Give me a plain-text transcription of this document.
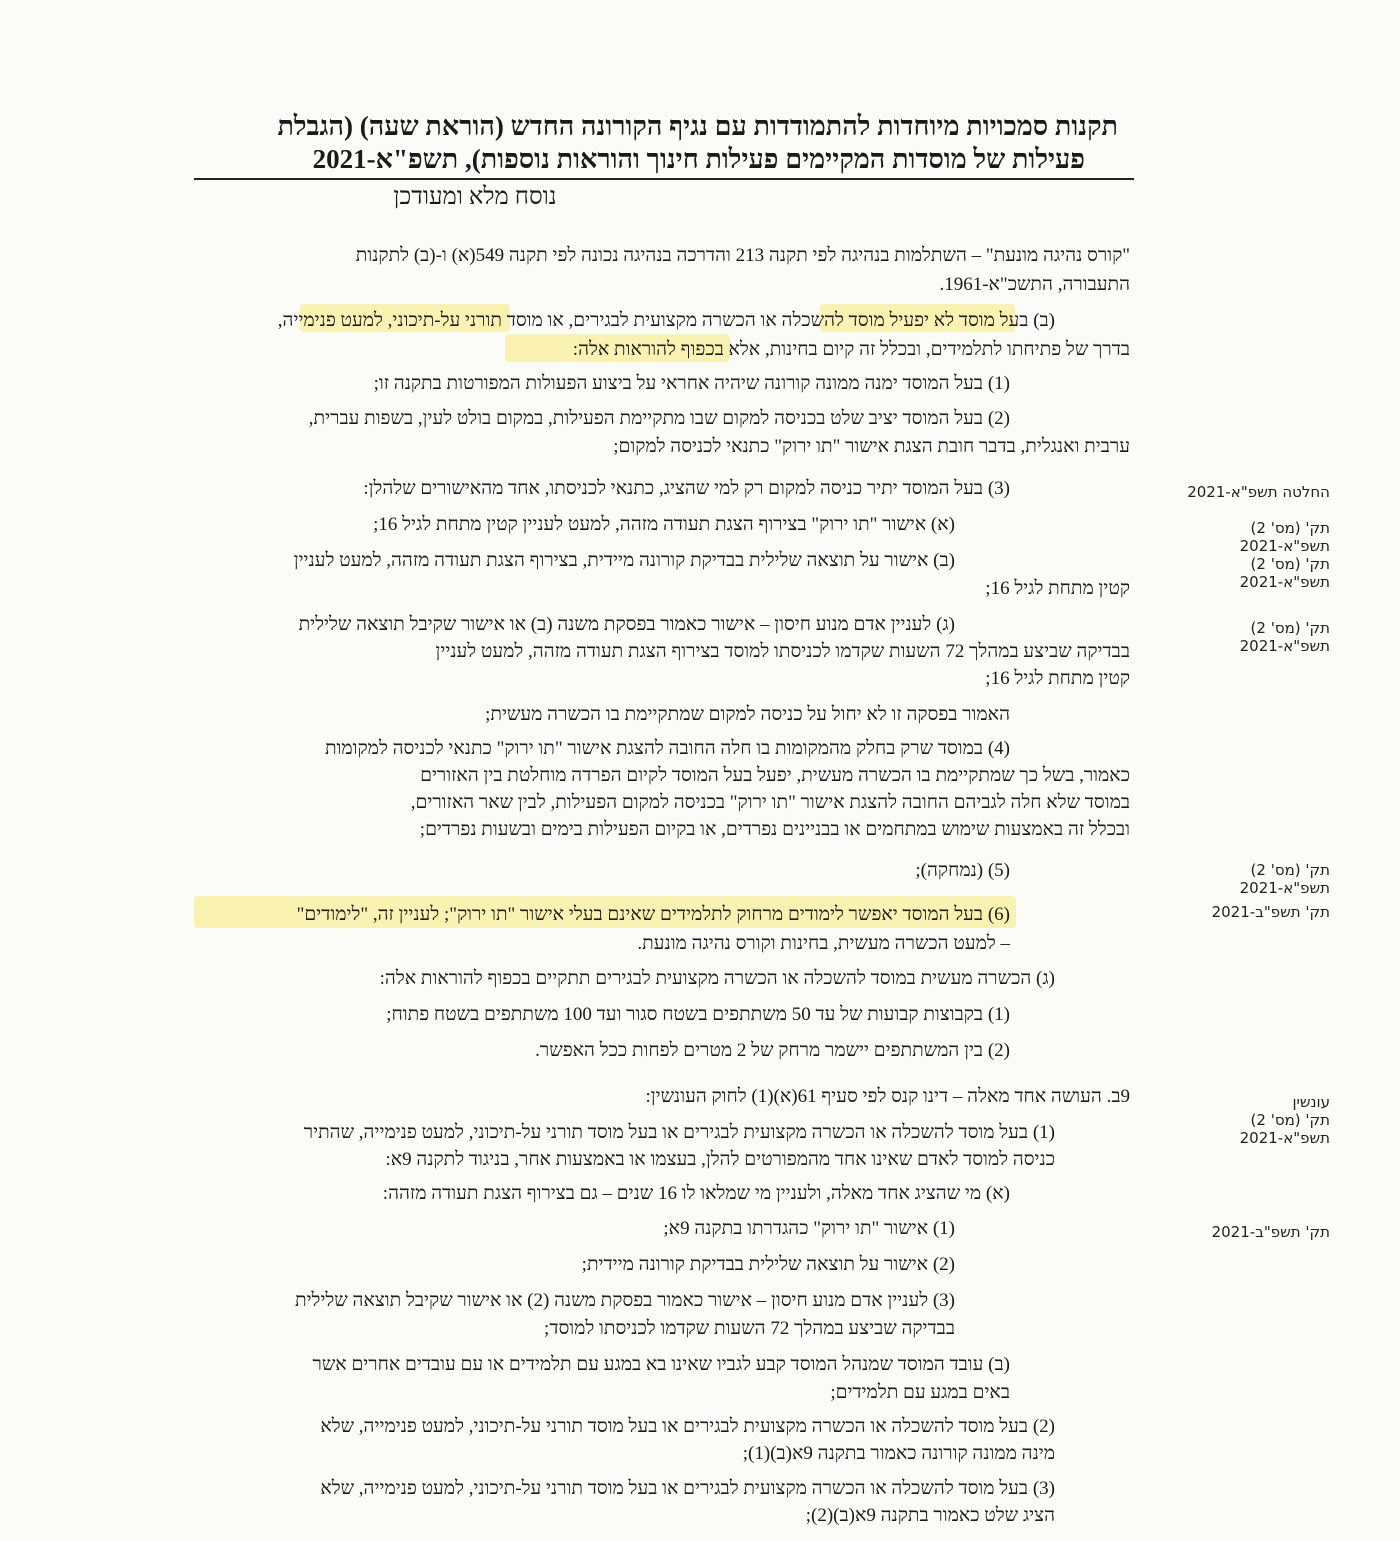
תקנות סמכויות מיוחדות להתמודדות עם נגיף הקורונה החדש (הוראת שעה) (הגבלת
פעילות של מוסדות המקיימים פעילות חינוך והוראות נוספות), תשפ"א-2021
נוסח מלא ומעודכן
"קורס נהיגה מונעת" – השתלמות בנהיגה לפי תקנה 213 והדרכה בנהיגה נכונה לפי תקנה 549(א) ו-(ב) לתקנות
התעבורה, התשכ"א-1961.
(ב) בעל מוסד לא יפעיל מוסד להשכלה או הכשרה מקצועית לבגירים, או מוסד תורני על-תיכוני, למעט פנימייה,
בדרך של פתיחתו לתלמידים, ובכלל זה קיום בחינות, אלא בכפוף להוראות אלה:
(1) בעל המוסד ימנה ממונה קורונה שיהיה אחראי על ביצוע הפעולות המפורטות בתקנה זו;
(2) בעל המוסד יציב שלט בכניסה למקום שבו מתקיימת הפעילות, במקום בולט לעין, בשפות עברית,
ערבית ואנגלית, בדבר חובת הצגת אישור "תו ירוק" כתנאי לכניסה למקום;
(3) בעל המוסד יתיר כניסה למקום רק למי שהציג, כתנאי לכניסתו, אחד מהאישורים שלהלן:
(א) אישור "תו ירוק" בצירוף הצגת תעודה מזהה, למעט לעניין קטין מתחת לגיל 16;
(ב) אישור על תוצאה שלילית בבדיקת קורונה מיידית, בצירוף הצגת תעודה מזהה, למעט לעניין
קטין מתחת לגיל 16;
(ג) לעניין אדם מנוע חיסון – אישור כאמור בפסקת משנה (ב) או אישור שקיבל תוצאה שלילית
בבדיקה שביצע במהלך 72 השעות שקדמו לכניסתו למוסד בצירוף הצגת תעודה מזהה, למעט לעניין
קטין מתחת לגיל 16;
האמור בפסקה זו לא יחול על כניסה למקום שמתקיימת בו הכשרה מעשית;
(4) במוסד שרק בחלק מהמקומות בו חלה החובה להצגת אישור "תו ירוק" כתנאי לכניסה למקומות
כאמור, בשל כך שמתקיימת בו הכשרה מעשית, יפעל בעל המוסד לקיום הפרדה מוחלטת בין האזורים
במוסד שלא חלה לגביהם החובה להצגת אישור "תו ירוק" בכניסה למקום הפעילות, לבין שאר האזורים,
ובכלל זה באמצעות שימוש במתחמים או בבניינים נפרדים, או בקיום הפעילות בימים ובשעות נפרדים;
(5) (נמחקה);
(6) בעל המוסד יאפשר לימודים מרחוק לתלמידים שאינם בעלי אישור "תו ירוק"; לעניין זה, "לימודים"
– למעט הכשרה מעשית, בחינות וקורס נהיגה מונעת.
(ג) הכשרה מעשית במוסד להשכלה או הכשרה מקצועית לבגירים תתקיים בכפוף להוראות אלה:
(1) בקבוצות קבועות של עד 50 משתתפים בשטח סגור ועד 100 משתתפים בשטח פתוח;
(2) בין המשתתפים יישמר מרחק של 2 מטרים לפחות ככל האפשר.
9ב. העושה אחד מאלה – דינו קנס לפי סעיף 61(א)(1) לחוק העונשין:
(1) בעל מוסד להשכלה או הכשרה מקצועית לבגירים או בעל מוסד תורני על-תיכוני, למעט פנימייה, שהתיר
כניסה למוסד לאדם שאינו אחד מהמפורטים להלן, בעצמו או באמצעות אחר, בניגוד לתקנה 9א:
(א) מי שהציג אחד מאלה, ולעניין מי שמלאו לו 16 שנים – גם בצירוף הצגת תעודה מזהה:
(1) אישור "תו ירוק" כהגדרתו בתקנה 9א;
(2) אישור על תוצאה שלילית בבדיקת קורונה מיידית;
(3) לעניין אדם מנוע חיסון – אישור כאמור בפסקת משנה (2) או אישור שקיבל תוצאה שלילית
בבדיקה שביצע במהלך 72 השעות שקדמו לכניסתו למוסד;
(ב) עובד המוסד שמנהל המוסד קבע לגביו שאינו בא במגע עם תלמידים או עם עובדים אחרים אשר
באים במגע עם תלמידים;
(2) בעל מוסד להשכלה או הכשרה מקצועית לבגירים או בעל מוסד תורני על-תיכוני, למעט פנימייה, שלא
מינה ממונה קורונה כאמור בתקנה 9א(ב)(1);
(3) בעל מוסד להשכלה או הכשרה מקצועית לבגירים או בעל מוסד תורני על-תיכוני, למעט פנימייה, שלא
הציג שלט כאמור בתקנה 9א(ב)(2);
החלטה תשפ"א-2021
תק' (מס' 2)
תשפ"א-2021
תק' (מס' 2)
תשפ"א-2021
תק' (מס' 2)
תשפ"א-2021
תק' (מס' 2)
תשפ"א-2021
תק' תשפ"ב-2021
עונשין
תק' (מס' 2)
תשפ"א-2021
תק' תשפ"ב-2021
